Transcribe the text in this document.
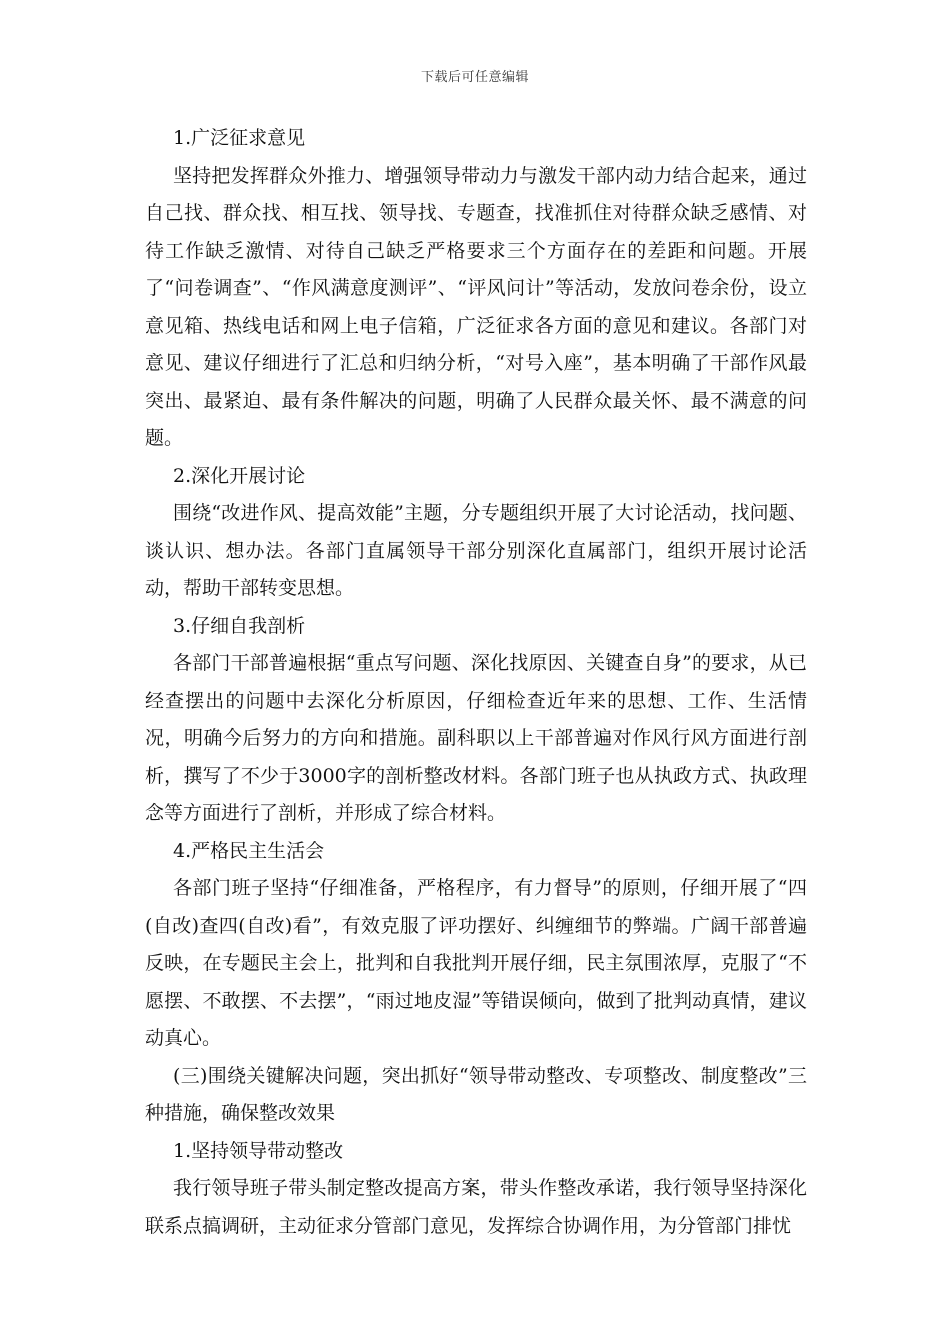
下载后可任意编辑

1.广泛征求意见

坚持把发挥群众外推力、增强领导带动力与激发干部内动力结合起来，通过自己找、群众找、相互找、领导找、专题查，找准抓住对待群众缺乏感情、对待工作缺乏激情、对待自己缺乏严格要求三个方面存在的差距和问题。开展了“问卷调查”、“作风满意度测评”、“评风问计”等活动，发放问卷余份，设立意见箱、热线电话和网上电子信箱，广泛征求各方面的意见和建议。各部门对意见、建议仔细进行了汇总和归纳分析，“对号入座”，基本明确了干部作风最突出、最紧迫、最有条件解决的问题，明确了人民群众最关怀、最不满意的问题。

2.深化开展讨论

围绕“改进作风、提高效能”主题，分专题组织开展了大讨论活动，找问题、谈认识、想办法。各部门直属领导干部分别深化直属部门，组织开展讨论活动，帮助干部转变思想。

3.仔细自我剖析

各部门干部普遍根据“重点写问题、深化找原因、关键查自身”的要求，从已经查摆出的问题中去深化分析原因，仔细检查近年来的思想、工作、生活情况，明确今后努力的方向和措施。副科职以上干部普遍对作风行风方面进行剖析，撰写了不少于3000字的剖析整改材料。各部门班子也从执政方式、执政理念等方面进行了剖析，并形成了综合材料。

4.严格民主生活会

各部门班子坚持“仔细准备，严格程序，有力督导”的原则，仔细开展了“四(自改)查四(自改)看”，有效克服了评功摆好、纠缠细节的弊端。广阔干部普遍反映，在专题民主会上，批判和自我批判开展仔细，民主氛围浓厚，克服了“不愿摆、不敢摆、不去摆”，“雨过地皮湿”等错误倾向，做到了批判动真情，建议动真心。

(三)围绕关键解决问题，突出抓好“领导带动整改、专项整改、制度整改”三种措施，确保整改效果

1.坚持领导带动整改

我行领导班子带头制定整改提高方案，带头作整改承诺，我行领导坚持深化联系点搞调研，主动征求分管部门意见，发挥综合协调作用，为分管部门排忧
